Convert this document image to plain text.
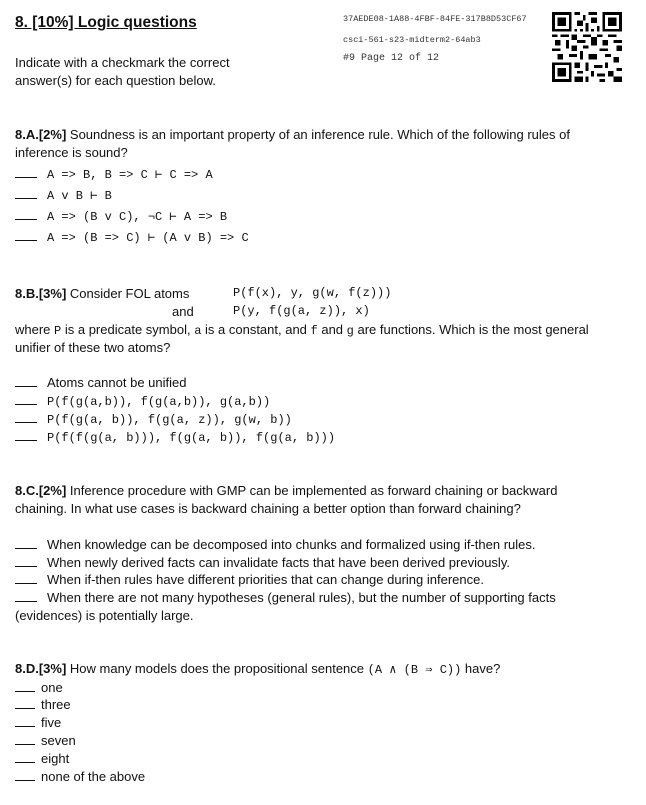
8. [10%] Logic questions
Indicate with a checkmark the correct
answer(s) for each question below.
37AEDE08-1A88-4FBF-84FE-317B8D53CF67
csci-561-s23-midterm2-64ab3
#9 Page 12 of 12
8.A.[2%] Soundness is an important property of an inference rule. Which of the following rules of
inference is sound?
A => B, B => C ⊢ C => A
A v B ⊢ B
A => (B v C), ¬C ⊢ A => B
A => (B => C) ⊢ (A v B) => C
8.B.[3%] Consider FOL atoms	P(f(x), y, g(w, f(z)))
and	P(y, f(g(a, z)), x)
where P is a predicate symbol, a is a constant, and f and g are functions. Which is the most general
unifier of these two atoms?
Atoms cannot be unified
P(f(g(a,b)), f(g(a,b)), g(a,b))
P(f(g(a, b)), f(g(a, z)), g(w, b))
P(f(f(g(a, b))), f(g(a, b)), f(g(a, b)))
8.C.[2%] Inference procedure with GMP can be implemented as forward chaining or backward
chaining. In what use cases is backward chaining a better option than forward chaining?
When knowledge can be decomposed into chunks and formalized using if-then rules.
When newly derived facts can invalidate facts that have been derived previously.
When if-then rules have different priorities that can change during inference.
When there are not many hypotheses (general rules), but the number of supporting facts
(evidences) is potentially large.
8.D.[3%] How many models does the propositional sentence (A ∧ (B ⇒ C)) have?
one
three
five
seven
eight
none of the above
